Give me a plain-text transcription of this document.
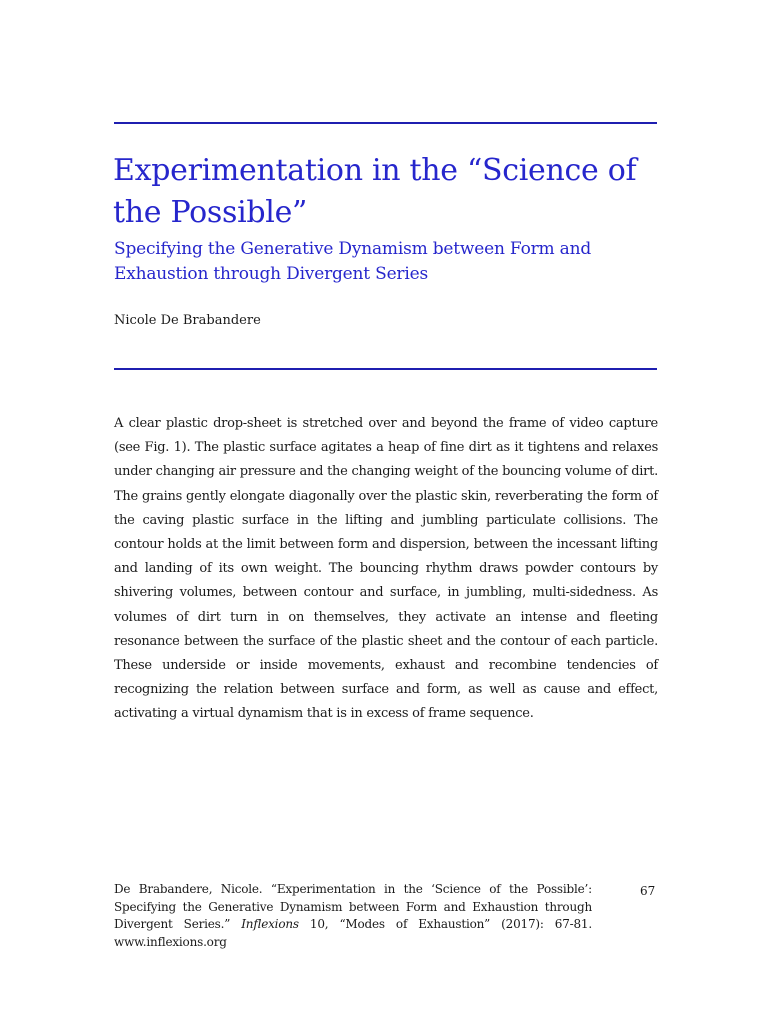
Experimentation in the “Science of the Possible”
Specifying the Generative Dynamism between Form and Exhaustion through Divergent Series
Nicole De Brabandere

A clear plastic drop-sheet is stretched over and beyond the frame of video capture (see Fig. 1). The plastic surface agitates a heap of fine dirt as it tightens and relaxes under changing air pressure and the changing weight of the bouncing volume of dirt. The grains gently elongate diagonally over the plastic skin, reverberating the form of the caving plastic surface in the lifting and jumbling particulate collisions. The contour holds at the limit between form and dispersion, between the incessant lifting and landing of its own weight. The bouncing rhythm draws powder contours by shivering volumes, between contour and surface, in jumbling, multi-sidedness. As volumes of dirt turn in on themselves, they activate an intense and fleeting resonance between the surface of the plastic sheet and the contour of each particle. These underside or inside movements, exhaust and recombine tendencies of recognizing the relation between surface and form, as well as cause and effect, activating a virtual dynamism that is in excess of frame sequence.

De Brabandere, Nicole. “Experimentation in the ‘Science of the Possible’: Specifying the Generative Dynamism between Form and Exhaustion through Divergent Series.” Inflexions 10, “Modes of Exhaustion” (2017): 67-81. www.inflexions.org

67
